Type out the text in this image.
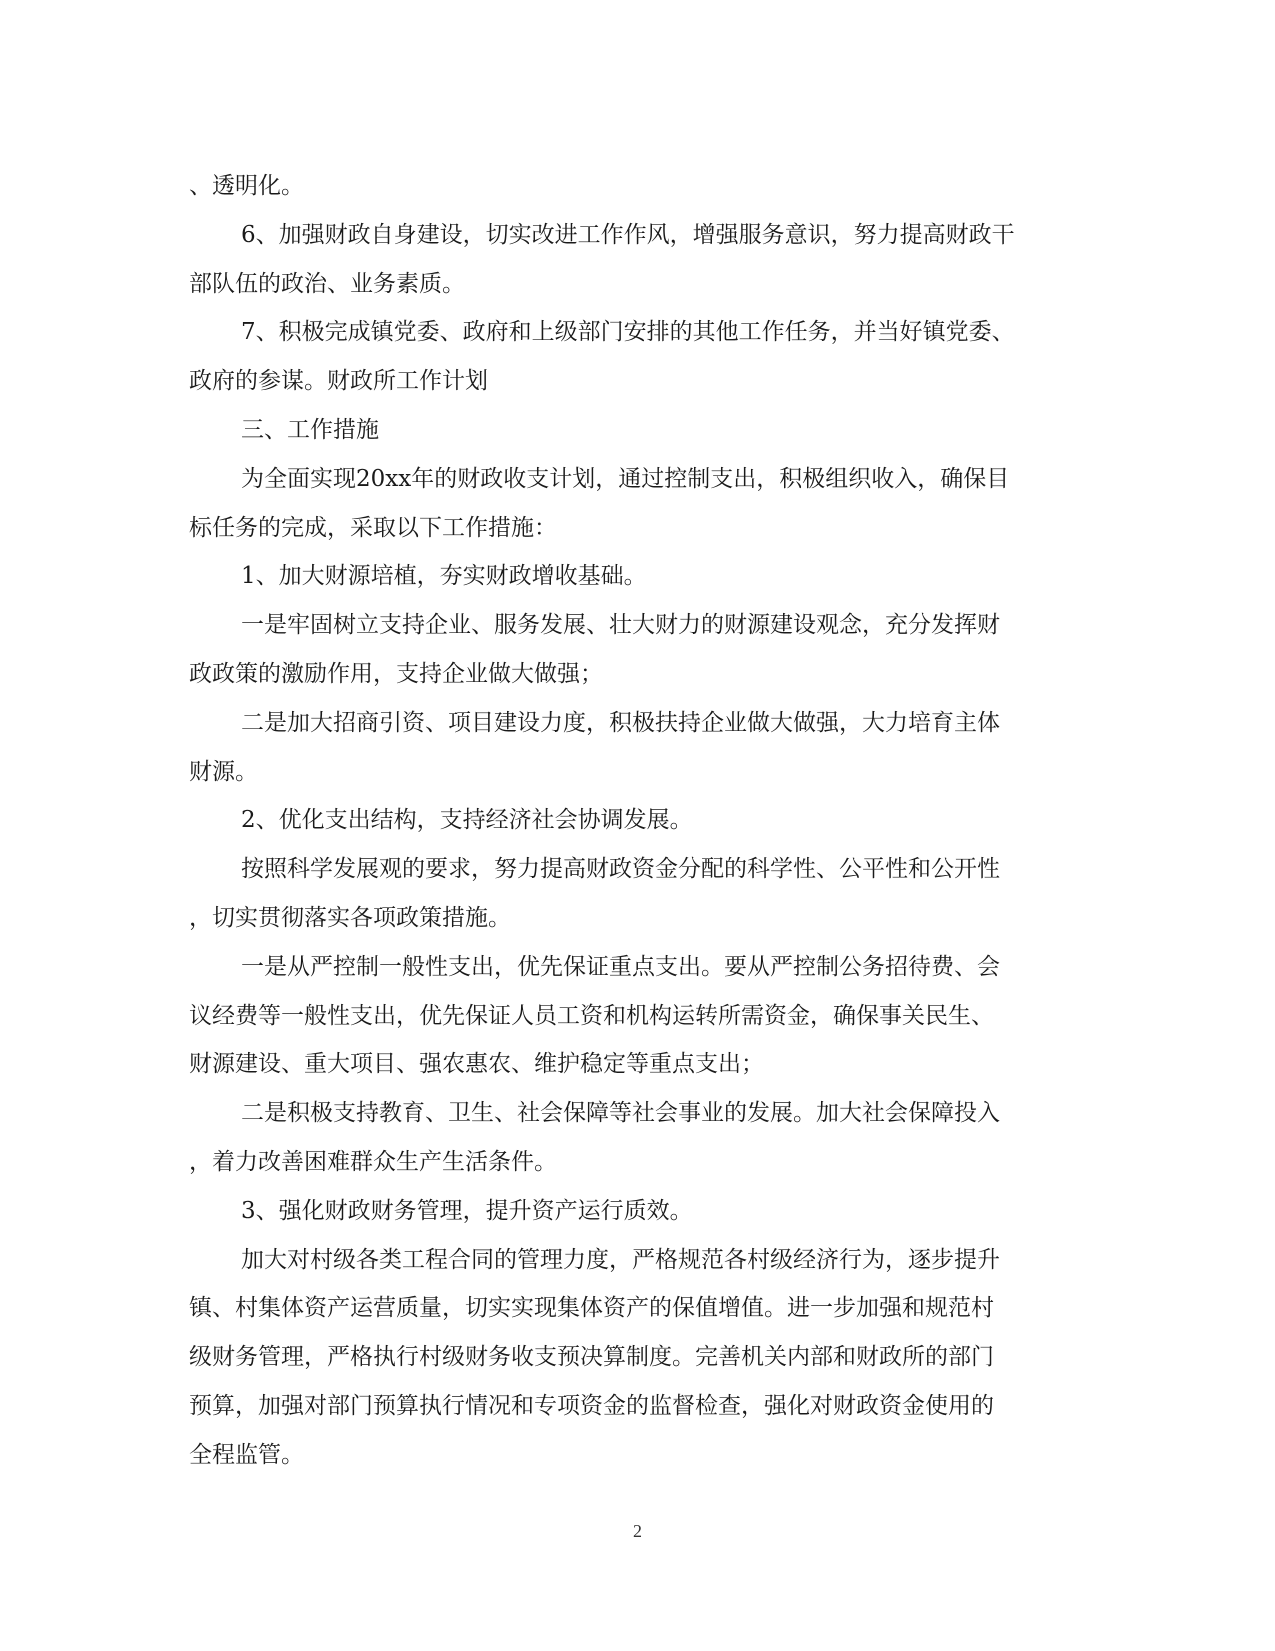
、透明化。
6、加强财政自身建设，切实改进工作作风，增强服务意识，努力提高财政干
部队伍的政治、业务素质。
7、积极完成镇党委、政府和上级部门安排的其他工作任务，并当好镇党委、
政府的参谋。财政所工作计划
三、工作措施
为全面实现20xx年的财政收支计划，通过控制支出，积极组织收入，确保目
标任务的完成，采取以下工作措施：
1、加大财源培植，夯实财政增收基础。
一是牢固树立支持企业、服务发展、壮大财力的财源建设观念，充分发挥财
政政策的激励作用，支持企业做大做强；
二是加大招商引资、项目建设力度，积极扶持企业做大做强，大力培育主体
财源。
2、优化支出结构，支持经济社会协调发展。
按照科学发展观的要求，努力提高财政资金分配的科学性、公平性和公开性
，切实贯彻落实各项政策措施。
一是从严控制一般性支出，优先保证重点支出。要从严控制公务招待费、会
议经费等一般性支出，优先保证人员工资和机构运转所需资金，确保事关民生、
财源建设、重大项目、强农惠农、维护稳定等重点支出；
二是积极支持教育、卫生、社会保障等社会事业的发展。加大社会保障投入
，着力改善困难群众生产生活条件。
3、强化财政财务管理，提升资产运行质效。
加大对村级各类工程合同的管理力度，严格规范各村级经济行为，逐步提升
镇、村集体资产运营质量，切实实现集体资产的保值增值。进一步加强和规范村
级财务管理，严格执行村级财务收支预决算制度。完善机关内部和财政所的部门
预算，加强对部门预算执行情况和专项资金的监督检查，强化对财政资金使用的
全程监管。
2
